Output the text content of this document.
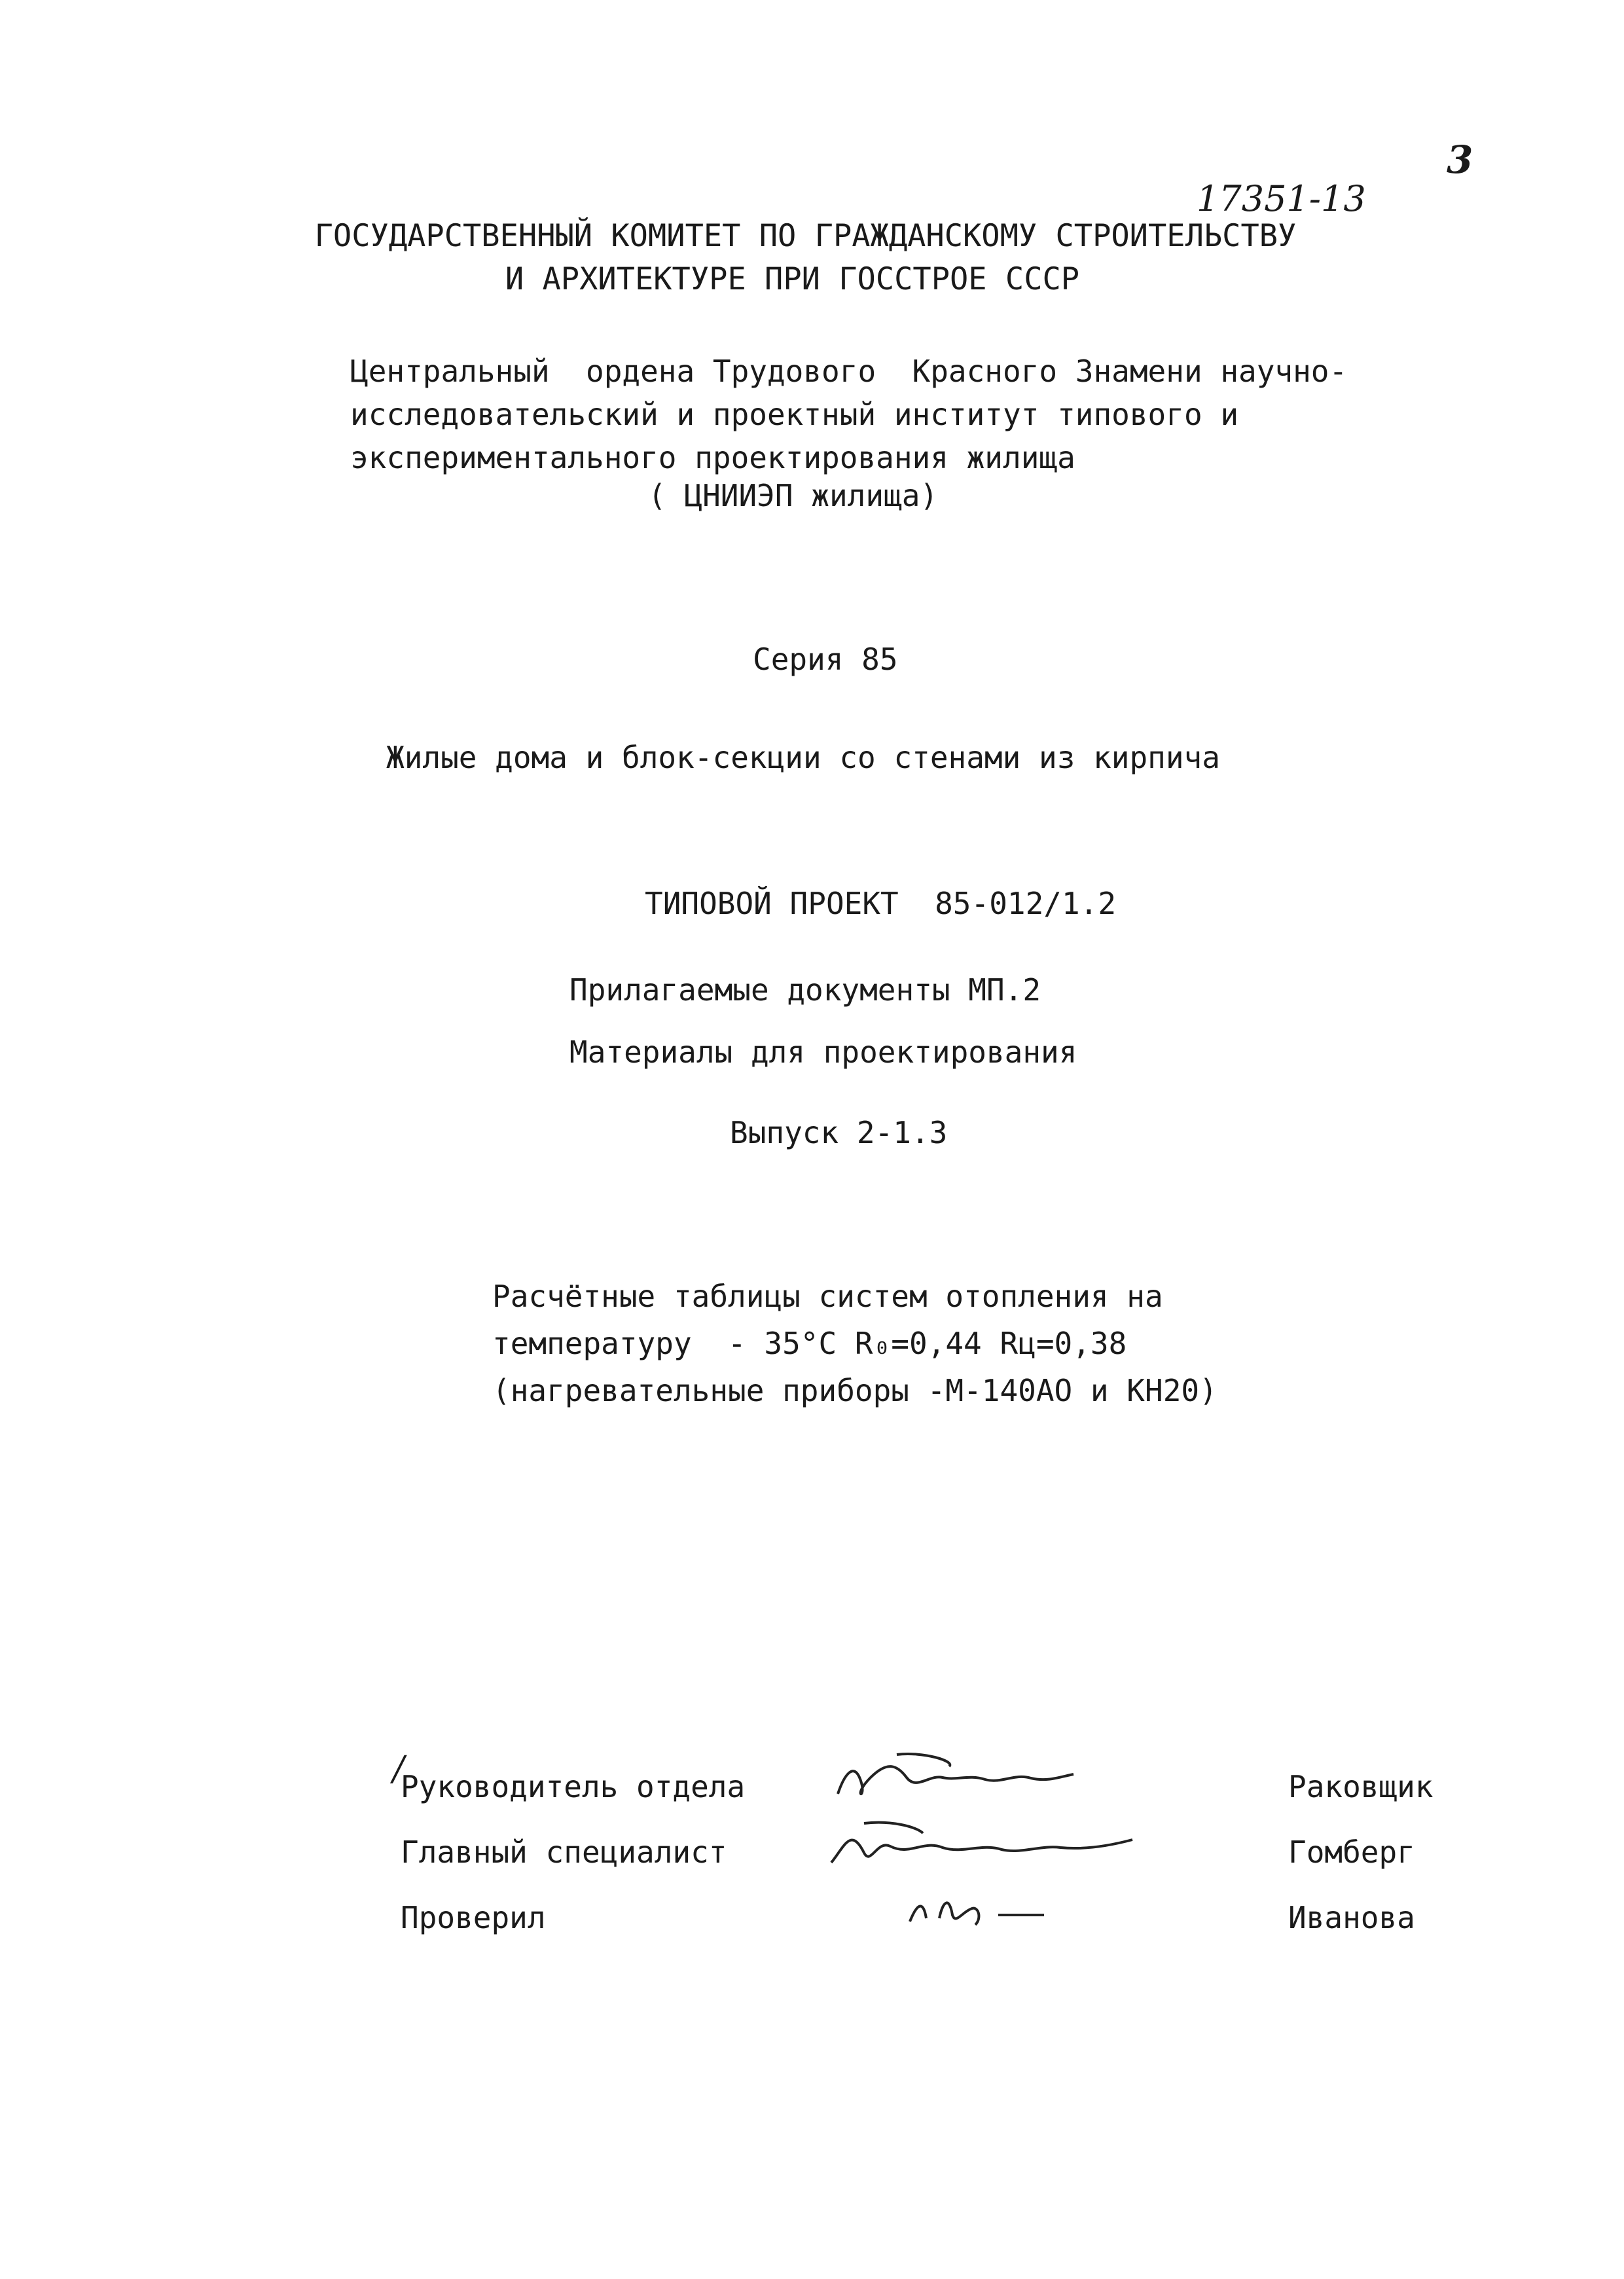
3
17351-13
ГОСУДАРСТВЕННЫЙ КОМИТЕТ ПО ГРАЖДАНСКОМУ СТРОИТЕЛЬСТВУ
И АРХИТЕКТУРЕ ПРИ ГОССТРОЕ СССР
Центральный  ордена Трудового  Красного Знамени научно-
исследовательский и проектный институт типового и
экспериментального проектирования жилища
( ЦНИИЭП жилища)
Серия 85
Жилые дома и блок-секции со стенами из кирпича
ТИПОВОЙ ПРОЕКТ  85-012/1.2
Прилагаемые документы МП.2
Материалы для проектирования
Выпуск 2-1.3
Расчётные таблицы систем отопления на
температуру  - 35°С R₀=0,44 Rц=0,38
(нагревательные приборы -М-140АО и КН20)
/
Руководитель отдела
Главный специалист
Проверил
Раковщик
Гомберг
Иванова
